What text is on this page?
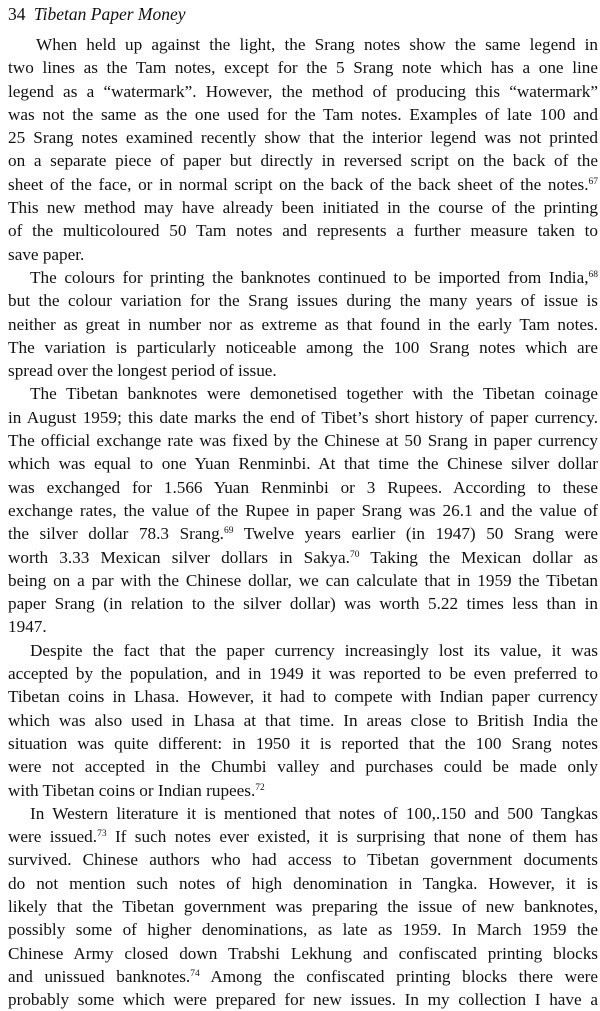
34 Tibetan Paper Money
When held up against the light, the Srang notes show the same legend in
two lines as the Tam notes, except for the 5 Srang note which has a one line
legend as a “watermark”. However, the method of producing this “watermark”
was not the same as the one used for the Tam notes. Examples of late 100 and
25 Srang notes examined recently show that the interior legend was not printed
on a separate piece of paper but directly in reversed script on the back of the
sheet of the face, or in normal script on the back of the back sheet of the notes.$^{67}$
This new method may have already been initiated in the course of the printing
of the multicoloured 50 Tam notes and represents a further measure taken to
save paper.
The colours for printing the banknotes continued to be imported from India,$^{68}$
but the colour variation for the Srang issues during the many years of issue is
neither as great in number nor as extreme as that found in the early Tam notes.
The variation is particularly noticeable among the 100 Srang notes which are
spread over the longest period of issue.
The Tibetan banknotes were demonetised together with the Tibetan coinage
in August 1959; this date marks the end of Tibet’s short history of paper currency.
The official exchange rate was fixed by the Chinese at 50 Srang in paper currency
which was equal to one Yuan Renminbi. At that time the Chinese silver dollar
was exchanged for 1.566 Yuan Renminbi or 3 Rupees. According to these
exchange rates, the value of the Rupee in paper Srang was 26.1 and the value of
the silver dollar 78.3 Srang.$^{69}$ Twelve years earlier (in 1947) 50 Srang were
worth 3.33 Mexican silver dollars in Sakya.$^{70}$ Taking the Mexican dollar as
being on a par with the Chinese dollar, we can calculate that in 1959 the Tibetan
paper Srang (in relation to the silver dollar) was worth 5.22 times less than in
1947.
Despite the fact that the paper currency increasingly lost its value, it was
accepted by the population, and in 1949 it was reported to be even preferred to
Tibetan coins in Lhasa. However, it had to compete with Indian paper currency
which was also used in Lhasa at that time. In areas close to British India the
situation was quite different: in 1950 it is reported that the 100 Srang notes
were not accepted in the Chumbi valley and purchases could be made only
with Tibetan coins or Indian rupees.$^{72}$
In Western literature it is mentioned that notes of 100,.150 and 500 Tangkas
were issued.$^{73}$ If such notes ever existed, it is surprising that none of them has
survived. Chinese authors who had access to Tibetan government documents
do not mention such notes of high denomination in Tangka. However, it is
likely that the Tibetan government was preparing the issue of new banknotes,
possibly some of higher denominations, as late as 1959. In March 1959 the
Chinese Army closed down Trabshi Lekhung and confiscated printing blocks
and unissued banknotes.$^{74}$ Among the confiscated printing blocks there were
probably some which were prepared for new issues. In my collection I have a
